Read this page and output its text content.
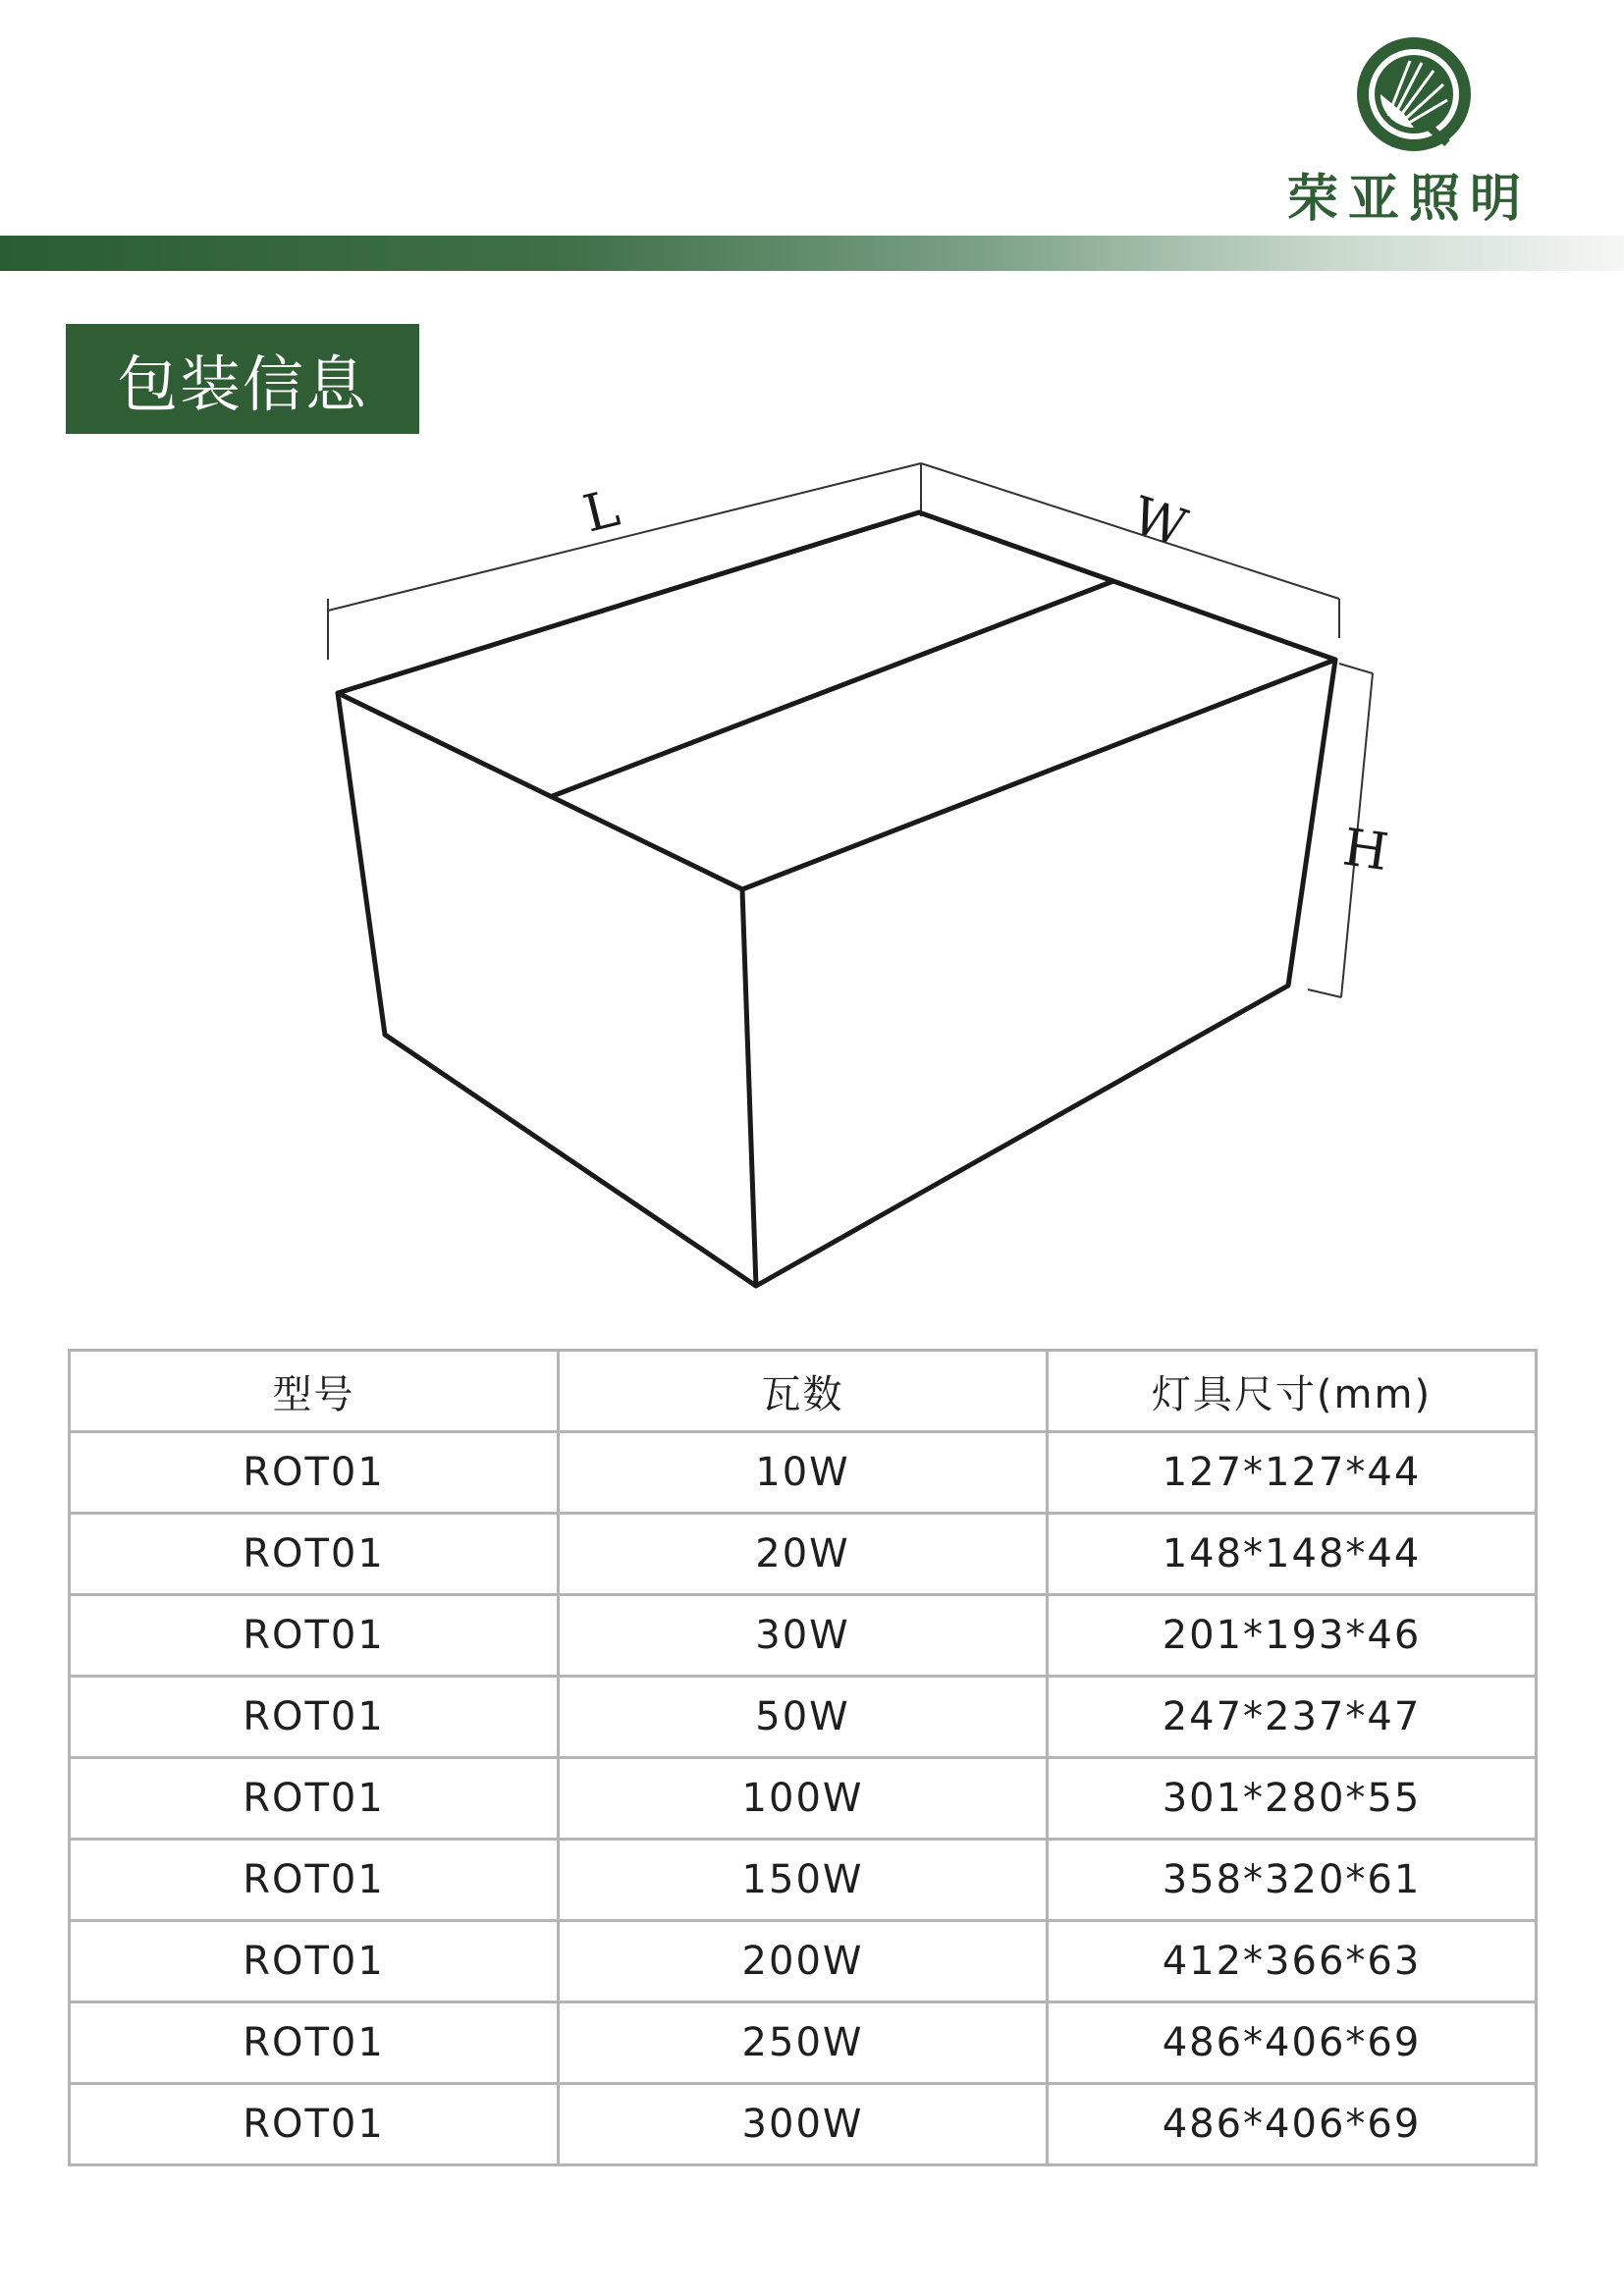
荣亚照明
包装信息
L	W
H
型号	瓦数	灯具尺寸(mm)
ROT01	10W	127*127*44
ROT01	20W	148*148*44
ROT01	30W	201*193*46
ROT01	50W	247*237*47
ROT01	100W	301*280*55
ROT01	150W	358*320*61
ROT01	200W	412*366*63
ROT01	250W	486*406*69
ROT01	300W	486*406*69
